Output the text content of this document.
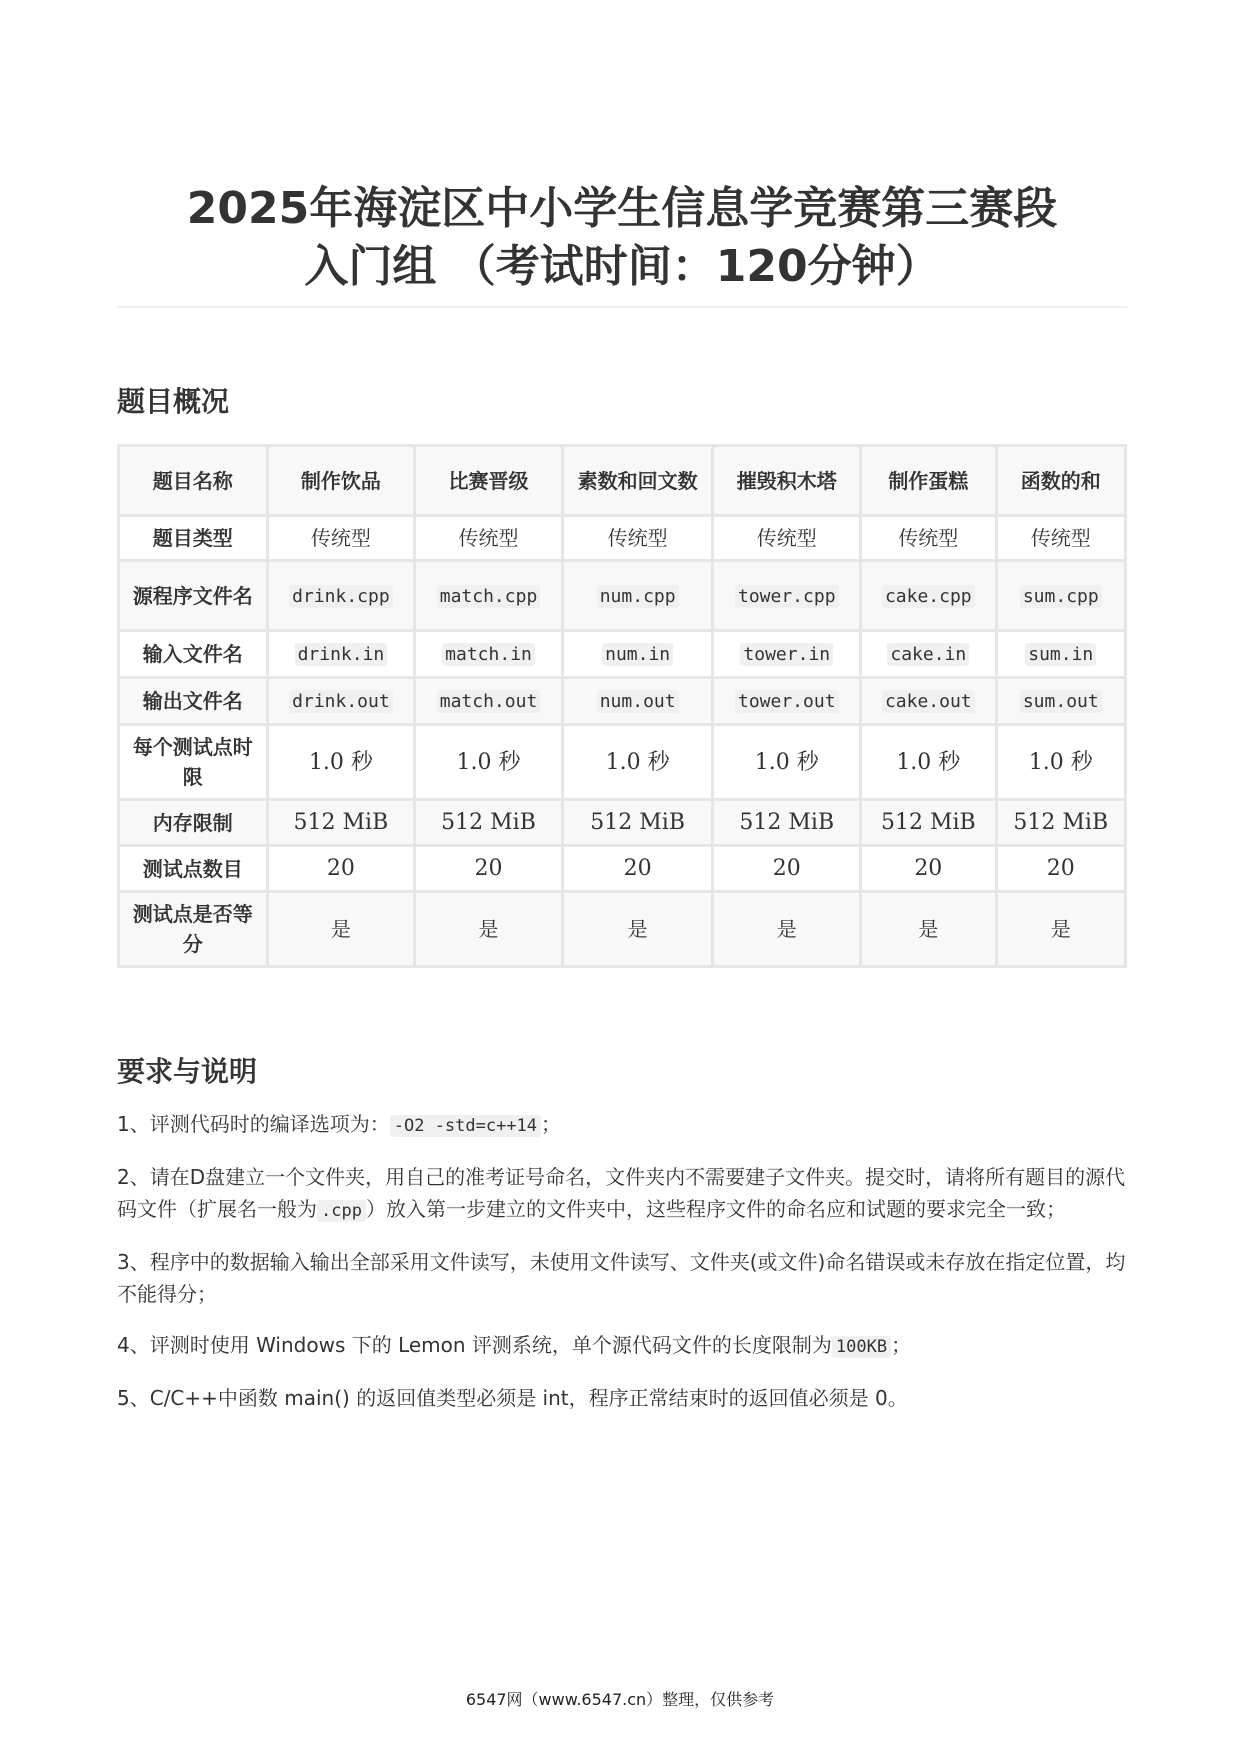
2025年海淀区中小学生信息学竞赛第三赛段
入门组 （考试时间：120分钟）
题目概况
题目名称	制作饮品	比赛晋级	素数和回文数	摧毁积木塔	制作蛋糕	函数的和
题目类型	传统型	传统型	传统型	传统型	传统型	传统型
源程序文件名	drink.cpp	match.cpp	num.cpp	tower.cpp	cake.cpp	sum.cpp
输入文件名	drink.in	match.in	num.in	tower.in	cake.in	sum.in
输出文件名	drink.out	match.out	num.out	tower.out	cake.out	sum.out
每个测试点时限	1.0 秒	1.0 秒	1.0 秒	1.0 秒	1.0 秒	1.0 秒
内存限制	512 MiB	512 MiB	512 MiB	512 MiB	512 MiB	512 MiB
测试点数目	20	20	20	20	20	20
测试点是否等分	是	是	是	是	是	是
要求与说明

1、评测代码时的编译选项为： -O2 -std=c++14 ；

2、请在D盘建立一个文件夹，用自己的准考证号命名，文件夹内不需要建子文件夹。提交时，请将所有题目的源代码文件（扩展名一般为 .cpp ）放入第一步建立的文件夹中，这些程序文件的命名应和试题的要求完全一致；

3、程序中的数据输入输出全部采用文件读写，未使用文件读写、文件夹(或文件)命名错误或未存放在指定位置，均不能得分；

4、评测时使用 Windows 下的 Lemon 评测系统，单个源代码文件的长度限制为 100KB ；

5、C/C++中函数 main() 的返回值类型必须是 int，程序正常结束时的返回值必须是 0。

6547网（www.6547.cn）整理，仅供参考
